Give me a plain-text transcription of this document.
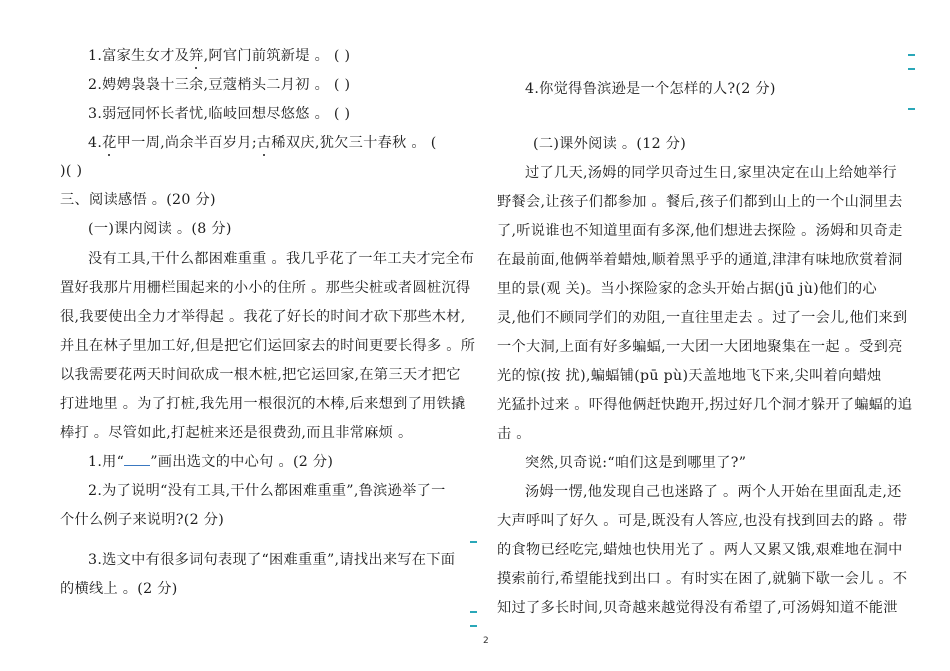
1.富家生女才及笄,阿官门前筑新堤 。 ( )
2.娉娉袅袅十三余,豆蔻梢头二月初 。 ( )
3.弱冠同怀长者忧,临岐回想尽悠悠 。 ( )
4.花甲一周,尚余半百岁月;古稀双庆,犹欠三十春秋 。 (
)( )
三、阅读感悟 。(20 分)
(一)课内阅读 。(8 分)
没有工具,干什么都困难重重 。我几乎花了一年工夫才完全布
置好我那片用栅栏围起来的小小的住所 。那些尖桩或者圆桩沉得
很,我要使出全力才举得起 。我花了好长的时间才砍下那些木材,
并且在林子里加工好,但是把它们运回家去的时间更要长得多 。所
以我需要花两天时间砍成一根木桩,把它运回家,在第三天才把它
打进地里 。为了打桩,我先用一根很沉的木棒,后来想到了用铁撬
棒打 。尽管如此,打起桩来还是很费劲,而且非常麻烦 。
1.用“ ”画出选文的中心句 。(2 分)
2.为了说明“没有工具,干什么都困难重重”,鲁滨逊举了一
个什么例子来说明?(2 分)
3.选文中有很多词句表现了“困难重重”,请找出来写在下面
的横线上 。(2 分)
4.你觉得鲁滨逊是一个怎样的人?(2 分)
(二)课外阅读 。(12 分)
过了几天,汤姆的同学贝奇过生日,家里决定在山上给她举行
野餐会,让孩子们都参加 。餐后,孩子们都到山上的一个山洞里去
了,听说谁也不知道里面有多深,他们想进去探险 。汤姆和贝奇走
在最前面,他俩举着蜡烛,顺着黑乎乎的通道,津津有味地欣赏着洞
里的景(观 关)。当小探险家的念头开始占据(jū jù)他们的心
灵,他们不顾同学们的劝阻,一直往里走去 。过了一会儿,他们来到
一个大洞,上面有好多蝙蝠,一大团一大团地聚集在一起 。受到亮
光的惊(按 扰),蝙蝠铺(pū pù)天盖地地飞下来,尖叫着向蜡烛
光猛扑过来 。吓得他俩赶快跑开,拐过好几个洞才躲开了蝙蝠的追
击 。
突然,贝奇说:“咱们这是到哪里了?”
汤姆一愣,他发现自己也迷路了 。两个人开始在里面乱走,还
大声呼叫了好久 。可是,既没有人答应,也没有找到回去的路 。带
的食物已经吃完,蜡烛也快用光了 。两人又累又饿,艰难地在洞中
摸索前行,希望能找到出口 。有时实在困了,就躺下歇一会儿 。不
知过了多长时间,贝奇越来越觉得没有希望了,可汤姆知道不能泄
2
